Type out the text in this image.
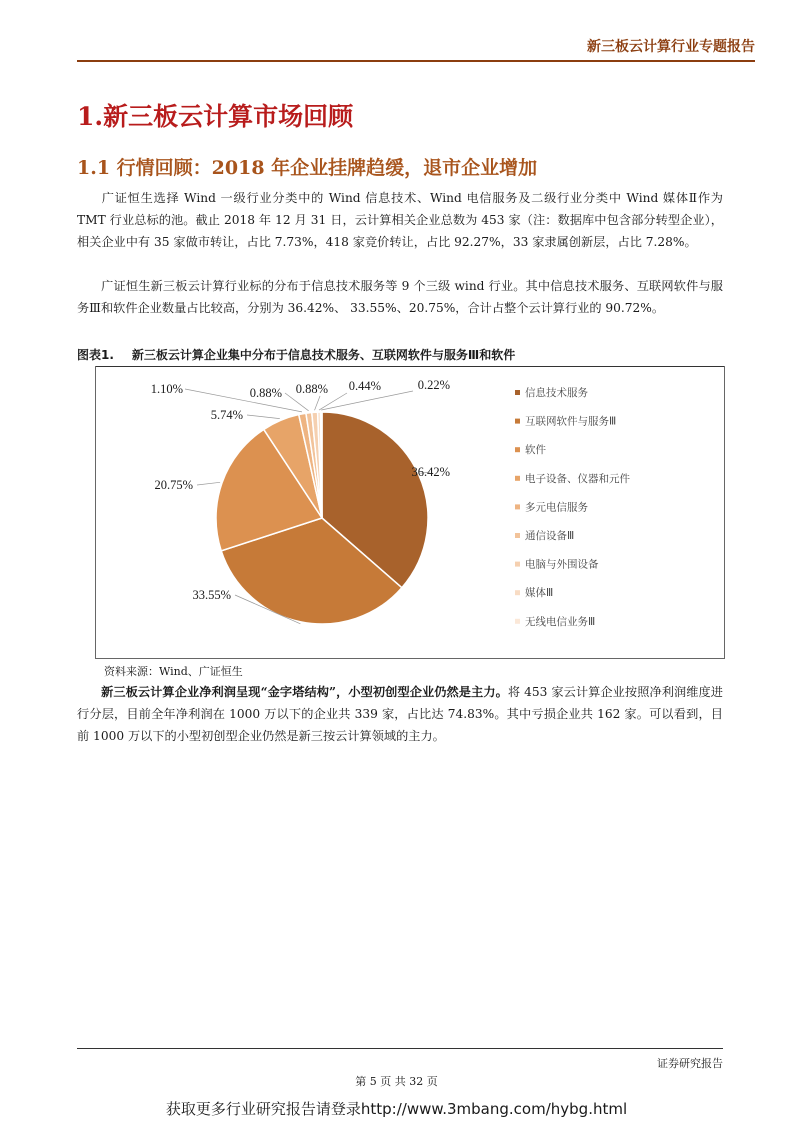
新三板云计算行业专题报告
1.新三板云计算市场回顾
1.1 行情回顾：2018 年企业挂牌趋缓，退市企业增加
广证恒生选择 Wind 一级行业分类中的 Wind 信息技术、Wind 电信服务及二级行业分类中 Wind 媒体Ⅱ作为 TMT 行业总标的池。截止 2018 年 12 月 31 日，云计算相关企业总数为 453 家（注：数据库中包含部分转型企业），相关企业中有 35 家做市转让，占比 7.73%，418 家竞价转让，占比 92.27%，33 家隶属创新层，占比 7.28%。
广证恒生新三板云计算行业标的分布于信息技术服务等 9 个三级 wind 行业。其中信息技术服务、互联网软件与服务Ⅲ和软件企业数量占比较高，分别为 36.42%、 33.55%、20.75%，合计占整个云计算行业的 90.72%。
图表1. 新三板云计算企业集中分布于信息技术服务、互联网软件与服务Ⅲ和软件
36.42%
33.55%
20.75%
5.74%
1.10%	0.88% 0.88% 0.44%	0.22%
信息技术服务
互联网软件与服务Ⅲ
软件
电子设备、仪器和元件
多元电信服务
通信设备Ⅲ
电脑与外围设备
媒体Ⅲ
无线电信业务Ⅲ
资料来源：Wind、广证恒生
新三板云计算企业净利润呈现“金字塔结构”，小型初创型企业仍然是主力。将 453 家云计算企业按照净利润维度进行分层，目前全年净利润在 1000 万以下的企业共 339 家，占比达 74.83%。其中亏损企业共 162 家。可以看到，目前 1000 万以下的小型初创型企业仍然是新三按云计算领域的主力。
证券研究报告
第 5 页 共 32 页
获取更多行业研究报告请登录http://www.3mbang.com/hybg.html
